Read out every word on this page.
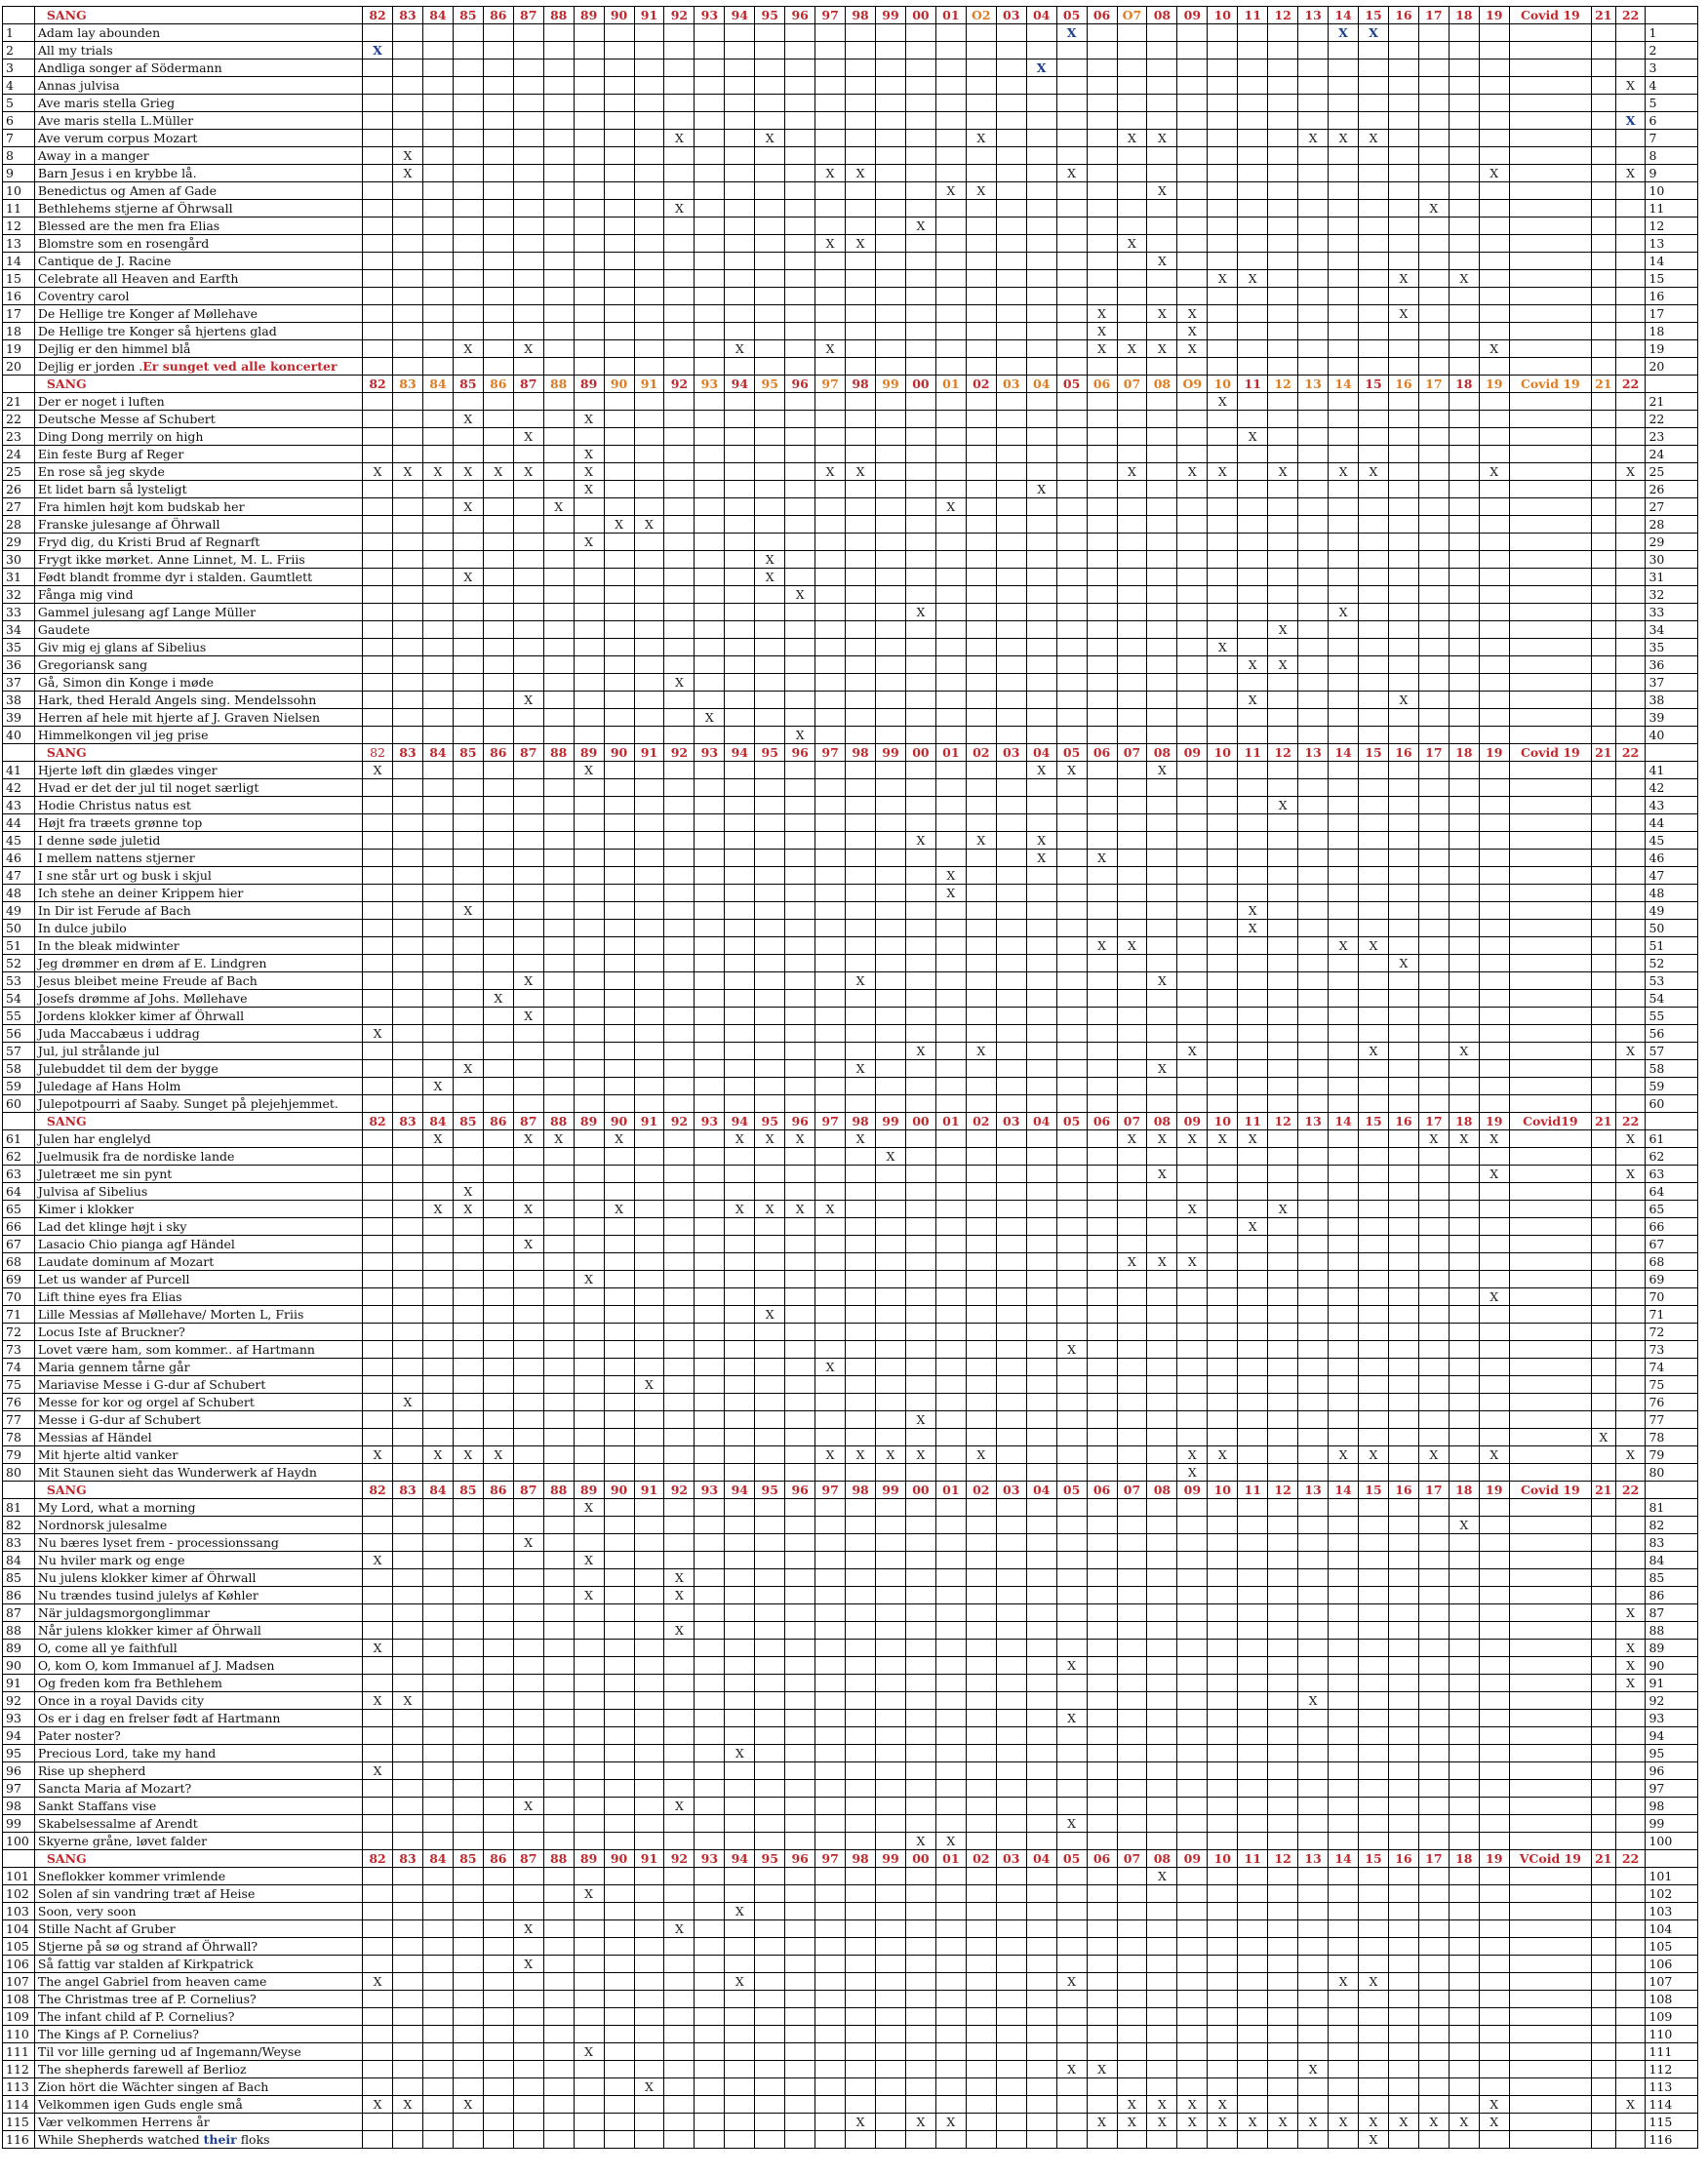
	SANG	82	83	84	85	86	87	88	89	90	91	92	93	94	95	96	97	98	99	00	01	O2	03	04	05	06	O7	08	09	10	11	12	13	14	15	16	17	18	19	Covid 19	21	22	
1	Adam lay abounden																								X									X	X								1
2	All my trials	X																																									2
3	Andliga songer af Södermann																							X																			3
4	Annas julvisa																																									X	4
5	Ave maris stella Grieg																																										5
6	Ave maris stella L.Müller																																									X	6
7	Ave verum corpus Mozart											X			X							X					X	X					X	X	X								7
8	Away in a manger		X																																								8
9	Barn Jesus i en krybbe lå.		X														X	X							X														X			X	9
10	Benedictus og Amen af Gade																				X	X						X															10
11	Bethlehems stjerne af Öhrwsall											X																									X						11
12	Blessed are the men fra Elias																			X																							12
13	Blomstre som en rosengård																X	X									X																13
14	Cantique de J. Racine																											X															14
15	Celebrate all Heaven and Earfth																													X	X					X		X					15
16	Coventry carol																																										16
17	De Hellige tre Konger af Møllehave																									X		X	X							X							17
18	De Hellige tre Konger så hjertens glad																									X			X														18
19	Dejlig er den himmel blå				X		X							X			X									X	X	X	X										X				19
20	Dejlig er jorden .Er sunget ved alle koncerter																																										20
	SANG	82	83	84	85	86	87	88	89	90	91	92	93	94	95	96	97	98	99	00	01	02	03	04	05	06	07	08	O9	10	11	12	13	14	15	16	17	18	19	Covid 19	21	22	
21	Der er noget i luften																													X													21
22	Deutsche Messe af Schubert				X				X																																		22
23	Ding Dong merrily on high						X																								X												23
24	Ein feste Burg af Reger								X																																		24
25	En rose så jeg skyde	X	X	X	X	X	X		X								X	X									X		X	X		X		X	X				X			X	25
26	Et lidet barn så lysteligt								X															X																			26
27	Fra himlen højt kom budskab her				X			X													X																						27
28	Franske julesange af Öhrwall									X	X																																28
29	Fryd dig, du Kristi Brud af Regnarft								X																																		29
30	Frygt ikke mørket. Anne Linnet, M. L. Friis														X																												30
31	Født blandt fromme dyr i stalden. Gaumtlett				X										X																												31
32	Fånga mig vind															X																											32
33	Gammel julesang agf Lange Müller																			X														X									33
34	Gaudete																															X											34
35	Giv mig ej glans af Sibelius																													X													35
36	Gregoriansk sang																														X	X											36
37	Gå, Simon din Konge i møde											X																															37
38	Hark, thed Herald Angels sing. Mendelssohn						X																								X					X							38
39	Herren af hele mit hjerte af J. Graven Nielsen												X																														39
40	Himmelkongen vil jeg prise															X																											40
	SANG	82	83	84	85	86	87	88	89	90	91	92	93	94	95	96	97	98	99	00	01	02	03	04	05	06	07	08	09	10	11	12	13	14	15	16	17	18	19	Covid 19	21	22	
41	Hjerte løft din glædes vinger	X							X															X	X			X															41
42	Hvad er det der jul til noget særligt																																										42
43	Hodie Christus natus est																															X											43
44	Højt fra træets grønne top																																										44
45	I denne søde juletid																			X		X		X																			45
46	I mellem nattens stjerner																							X		X																	46
47	I sne står urt og busk i skjul																				X																						47
48	Ich stehe an deiner Krippem hier																				X																						48
49	In Dir ist Ferude af Bach				X																										X												49
50	In dulce jubilo																														X												50
51	In the bleak midwinter																									X	X							X	X								51
52	Jeg drømmer en drøm af E. Lindgren																																			X							52
53	Jesus bleibet meine Freude af Bach						X											X										X															53
54	Josefs drømme af Johs. Møllehave					X																																					54
55	Jordens klokker kimer af Öhrwall						X																																				55
56	Juda Maccabæus i uddrag	X																																									56
57	Jul, jul strålande jul																			X		X							X						X			X				X	57
58	Julebuddet til dem der bygge				X													X										X															58
59	Juledage af Hans Holm			X																																							59
60	Julepotpourri af Saaby. Sunget på plejehjemmet.																																										60
	SANG	82	83	84	85	86	87	88	89	90	91	92	93	94	95	96	97	98	99	00	01	02	03	04	05	06	07	08	09	10	11	12	13	14	15	16	17	18	19	Covid19	21	22	
61	Julen har englelyd			X			X	X		X				X	X	X		X									X	X	X	X	X						X	X	X			X	61
62	Juelmusik fra de nordiske lande																		X																								62
63	Juletræet me sin pynt																											X											X			X	63
64	Julvisa af Sibelius				X																																						64
65	Kimer i klokker			X	X		X			X				X	X	X	X												X			X											65
66	Lad det klinge højt i sky																														X												66
67	Lasacio Chio pianga agf Händel						X																																				67
68	Laudate dominum af Mozart																										X	X	X														68
69	Let us wander af Purcell								X																																		69
70	Lift thine eyes fra Elias																																						X				70
71	Lille Messias af Møllehave/ Morten L, Friis														X																												71
72	Locus Iste af Bruckner?																																										72
73	Lovet være ham, som kommer.. af Hartmann																								X																		73
74	Maria gennem tårne går																X																										74
75	Mariavise Messe i G-dur af Schubert										X																																75
76	Messe for kor og orgel af Schubert		X																																								76
77	Messe i G-dur af Schubert																			X																							77
78	Messias af Händel																																								X		78
79	Mit hjerte altid vanker	X		X	X	X											X	X	X	X		X							X	X				X	X		X		X			X	79
80	Mit Staunen sieht das Wunderwerk af Haydn																												X														80
	SANG	82	83	84	85	86	87	88	89	90	91	92	93	94	95	96	97	98	99	00	01	02	03	04	05	06	07	08	09	10	11	12	13	14	15	16	17	18	19	Covid 19	21	22	
81	My Lord, what a morning								X																																		81
82	Nordnorsk julesalme																																					X					82
83	Nu bæres lyset frem - processionssang						X																																				83
84	Nu hviler mark og enge	X							X																																		84
85	Nu julens klokker kimer af Öhrwall											X																															85
86	Nu trændes tusind julelys af Køhler								X			X																															86
87	När juldagsmorgonglimmar																																									X	87
88	Når julens klokker kimer af Öhrwall											X																															88
89	O, come all ye faithfull	X																																								X	89
90	O, kom O, kom Immanuel af J. Madsen																								X																	X	90
91	Og freden kom fra Bethlehem																																									X	91
92	Once in a royal Davids city	X	X																														X										92
93	Os er i dag en frelser født af Hartmann																								X																		93
94	Pater noster?																																										94
95	Precious Lord, take my hand													X																													95
96	Rise up shepherd	X																																									96
97	Sancta Maria af Mozart?																																										97
98	Sankt Staffans vise						X					X																															98
99	Skabelsessalme af Arendt																								X																		99
100	Skyerne gråne, løvet falder																			X	X																						100
	SANG	82	83	84	85	86	87	88	89	90	91	92	93	94	95	96	97	98	99	00	01	02	03	04	05	06	07	08	09	10	11	12	13	14	15	16	17	18	19	VCoid 19	21	22	
101	Sneflokker kommer vrimlende																											X															101
102	Solen af sin vandring træt af Heise								X																																		102
103	Soon, very soon													X																													103
104	Stille Nacht af Gruber						X					X																															104
105	Stjerne på sø og strand af Öhrwall?																																										105
106	Så fattig var stalden af Kirkpatrick						X																																				106
107	The angel Gabriel from heaven came	X												X											X									X	X								107
108	The Christmas tree af P. Cornelius?																																										108
109	The infant child af P. Cornelius?																																										109
110	The Kings af P. Cornelius?																																										110
111	Til vor lille gerning ud af Ingemann/Weyse								X																																		111
112	The shepherds farewell af Berlioz																								X	X							X										112
113	Zion hört die Wächter singen af Bach										X																																113
114	Velkommen igen Guds engle små	X	X		X																						X	X	X	X									X			X	114
115	Vær velkommen Herrens år																	X		X	X					X	X	X	X	X	X	X	X	X	X	X	X	X	X				115
116	While Shepherds watched their floks																																		X								116
